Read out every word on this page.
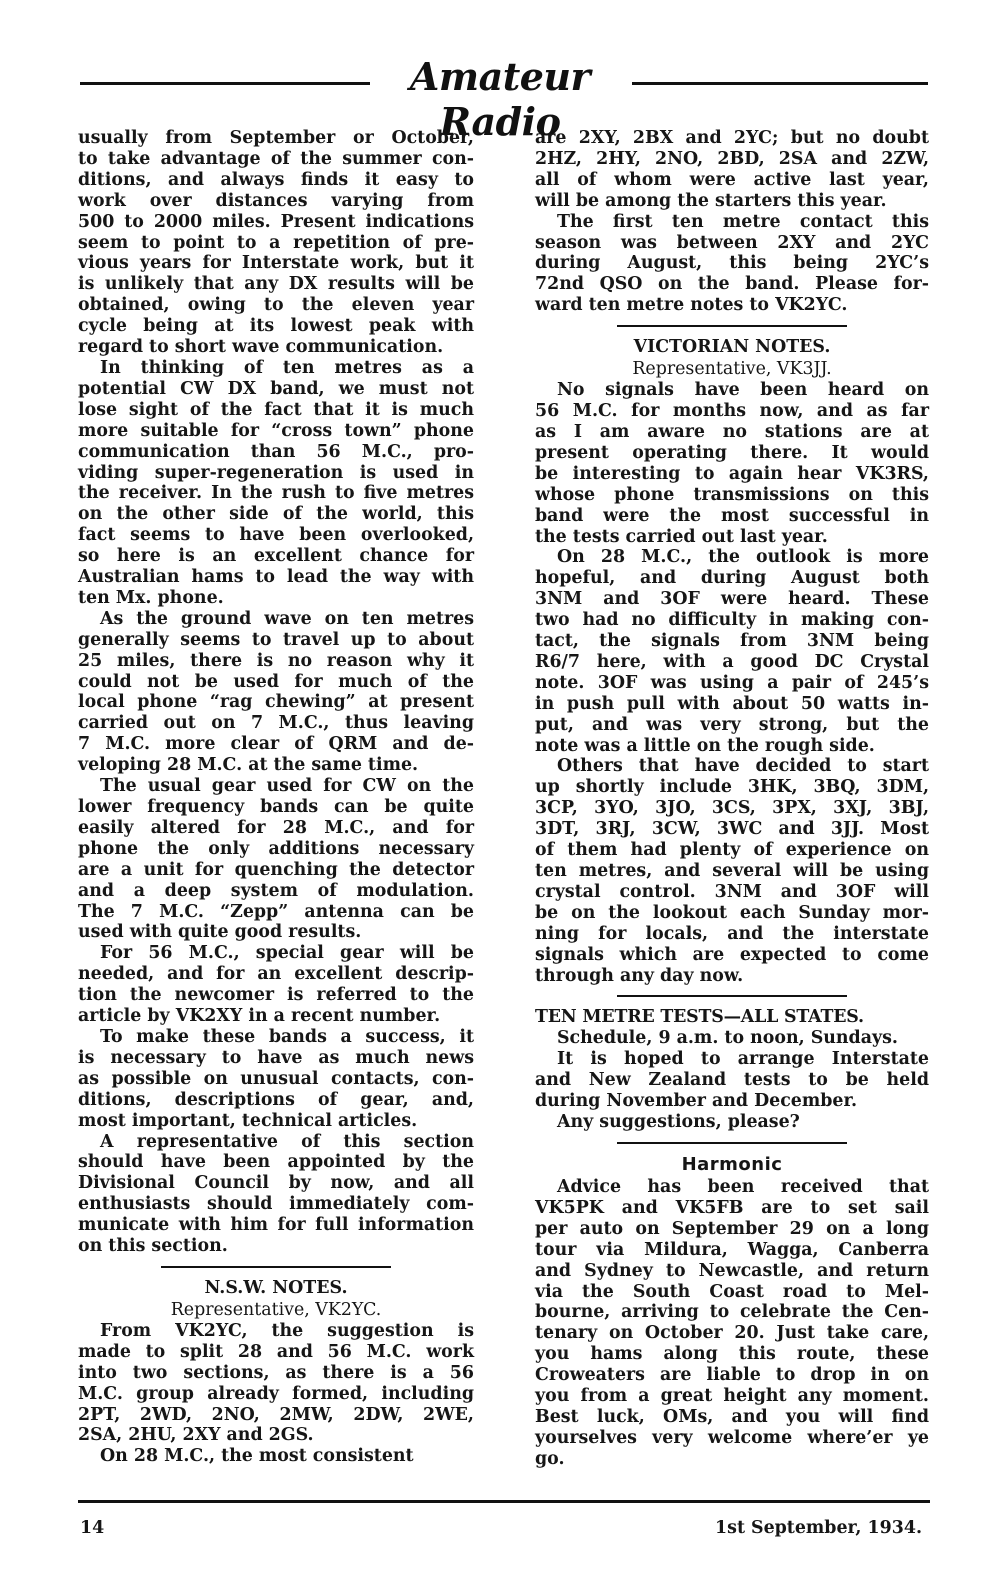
Amateur Radio
usually from September or October,
to take advantage of the summer con-
ditions, and always finds it easy to
work over distances varying from
500 to 2000 miles. Present indications
seem to point to a repetition of pre-
vious years for Interstate work, but it
is unlikely that any DX results will be
obtained, owing to the eleven year
cycle being at its lowest peak with
regard to short wave communication.
In thinking of ten metres as a
potential CW DX band, we must not
lose sight of the fact that it is much
more suitable for “cross town” phone
communication than 56 M.C., pro-
viding super-regeneration is used in
the receiver. In the rush to five metres
on the other side of the world, this
fact seems to have been overlooked,
so here is an excellent chance for
Australian hams to lead the way with
ten Mx. phone.
As the ground wave on ten metres
generally seems to travel up to about
25 miles, there is no reason why it
could not be used for much of the
local phone “rag chewing” at present
carried out on 7 M.C., thus leaving
7 M.C. more clear of QRM and de-
veloping 28 M.C. at the same time.
The usual gear used for CW on the
lower frequency bands can be quite
easily altered for 28 M.C., and for
phone the only additions necessary
are a unit for quenching the detector
and a deep system of modulation.
The 7 M.C. “Zepp” antenna can be
used with quite good results.
For 56 M.C., special gear will be
needed, and for an excellent descrip-
tion the newcomer is referred to the
article by VK2XY in a recent number.
To make these bands a success, it
is necessary to have as much news
as possible on unusual contacts, con-
ditions, descriptions of gear, and,
most important, technical articles.
A representative of this section
should have been appointed by the
Divisional Council by now, and all
enthusiasts should immediately com-
municate with him for full information
on this section.
N.S.W. NOTES.
Representative, VK2YC.
From VK2YC, the suggestion is
made to split 28 and 56 M.C. work
into two sections, as there is a 56
M.C. group already formed, including
2PT, 2WD, 2NO, 2MW, 2DW, 2WE,
2SA, 2HU, 2XY and 2GS.
On 28 M.C., the most consistent
are 2XY, 2BX and 2YC; but no doubt
2HZ, 2HY, 2NO, 2BD, 2SA and 2ZW,
all of whom were active last year,
will be among the starters this year.
The first ten metre contact this
season was between 2XY and 2YC
during August, this being 2YC’s
72nd QSO on the band. Please for-
ward ten metre notes to VK2YC.
VICTORIAN NOTES.
Representative, VK3JJ.
No signals have been heard on
56 M.C. for months now, and as far
as I am aware no stations are at
present operating there. It would
be interesting to again hear VK3RS,
whose phone transmissions on this
band were the most successful in
the tests carried out last year.
On 28 M.C., the outlook is more
hopeful, and during August both
3NM and 3OF were heard. These
two had no difficulty in making con-
tact, the signals from 3NM being
R6/7 here, with a good DC Crystal
note. 3OF was using a pair of 245’s
in push pull with about 50 watts in-
put, and was very strong, but the
note was a little on the rough side.
Others that have decided to start
up shortly include 3HK, 3BQ, 3DM,
3CP, 3YO, 3JO, 3CS, 3PX, 3XJ, 3BJ,
3DT, 3RJ, 3CW, 3WC and 3JJ. Most
of them had plenty of experience on
ten metres, and several will be using
crystal control. 3NM and 3OF will
be on the lookout each Sunday mor-
ning for locals, and the interstate
signals which are expected to come
through any day now.
TEN METRE TESTS—ALL STATES.
Schedule, 9 a.m. to noon, Sundays.
It is hoped to arrange Interstate
and New Zealand tests to be held
during November and December.
Any suggestions, please?
Harmonic
Advice has been received that
VK5PK and VK5FB are to set sail
per auto on September 29 on a long
tour via Mildura, Wagga, Canberra
and Sydney to Newcastle, and return
via the South Coast road to Mel-
bourne, arriving to celebrate the Cen-
tenary on October 20. Just take care,
you hams along this route, these
Croweaters are liable to drop in on
you from a great height any moment.
Best luck, OMs, and you will find
yourselves very welcome where’er ye
go.
14	1st September, 1934.
